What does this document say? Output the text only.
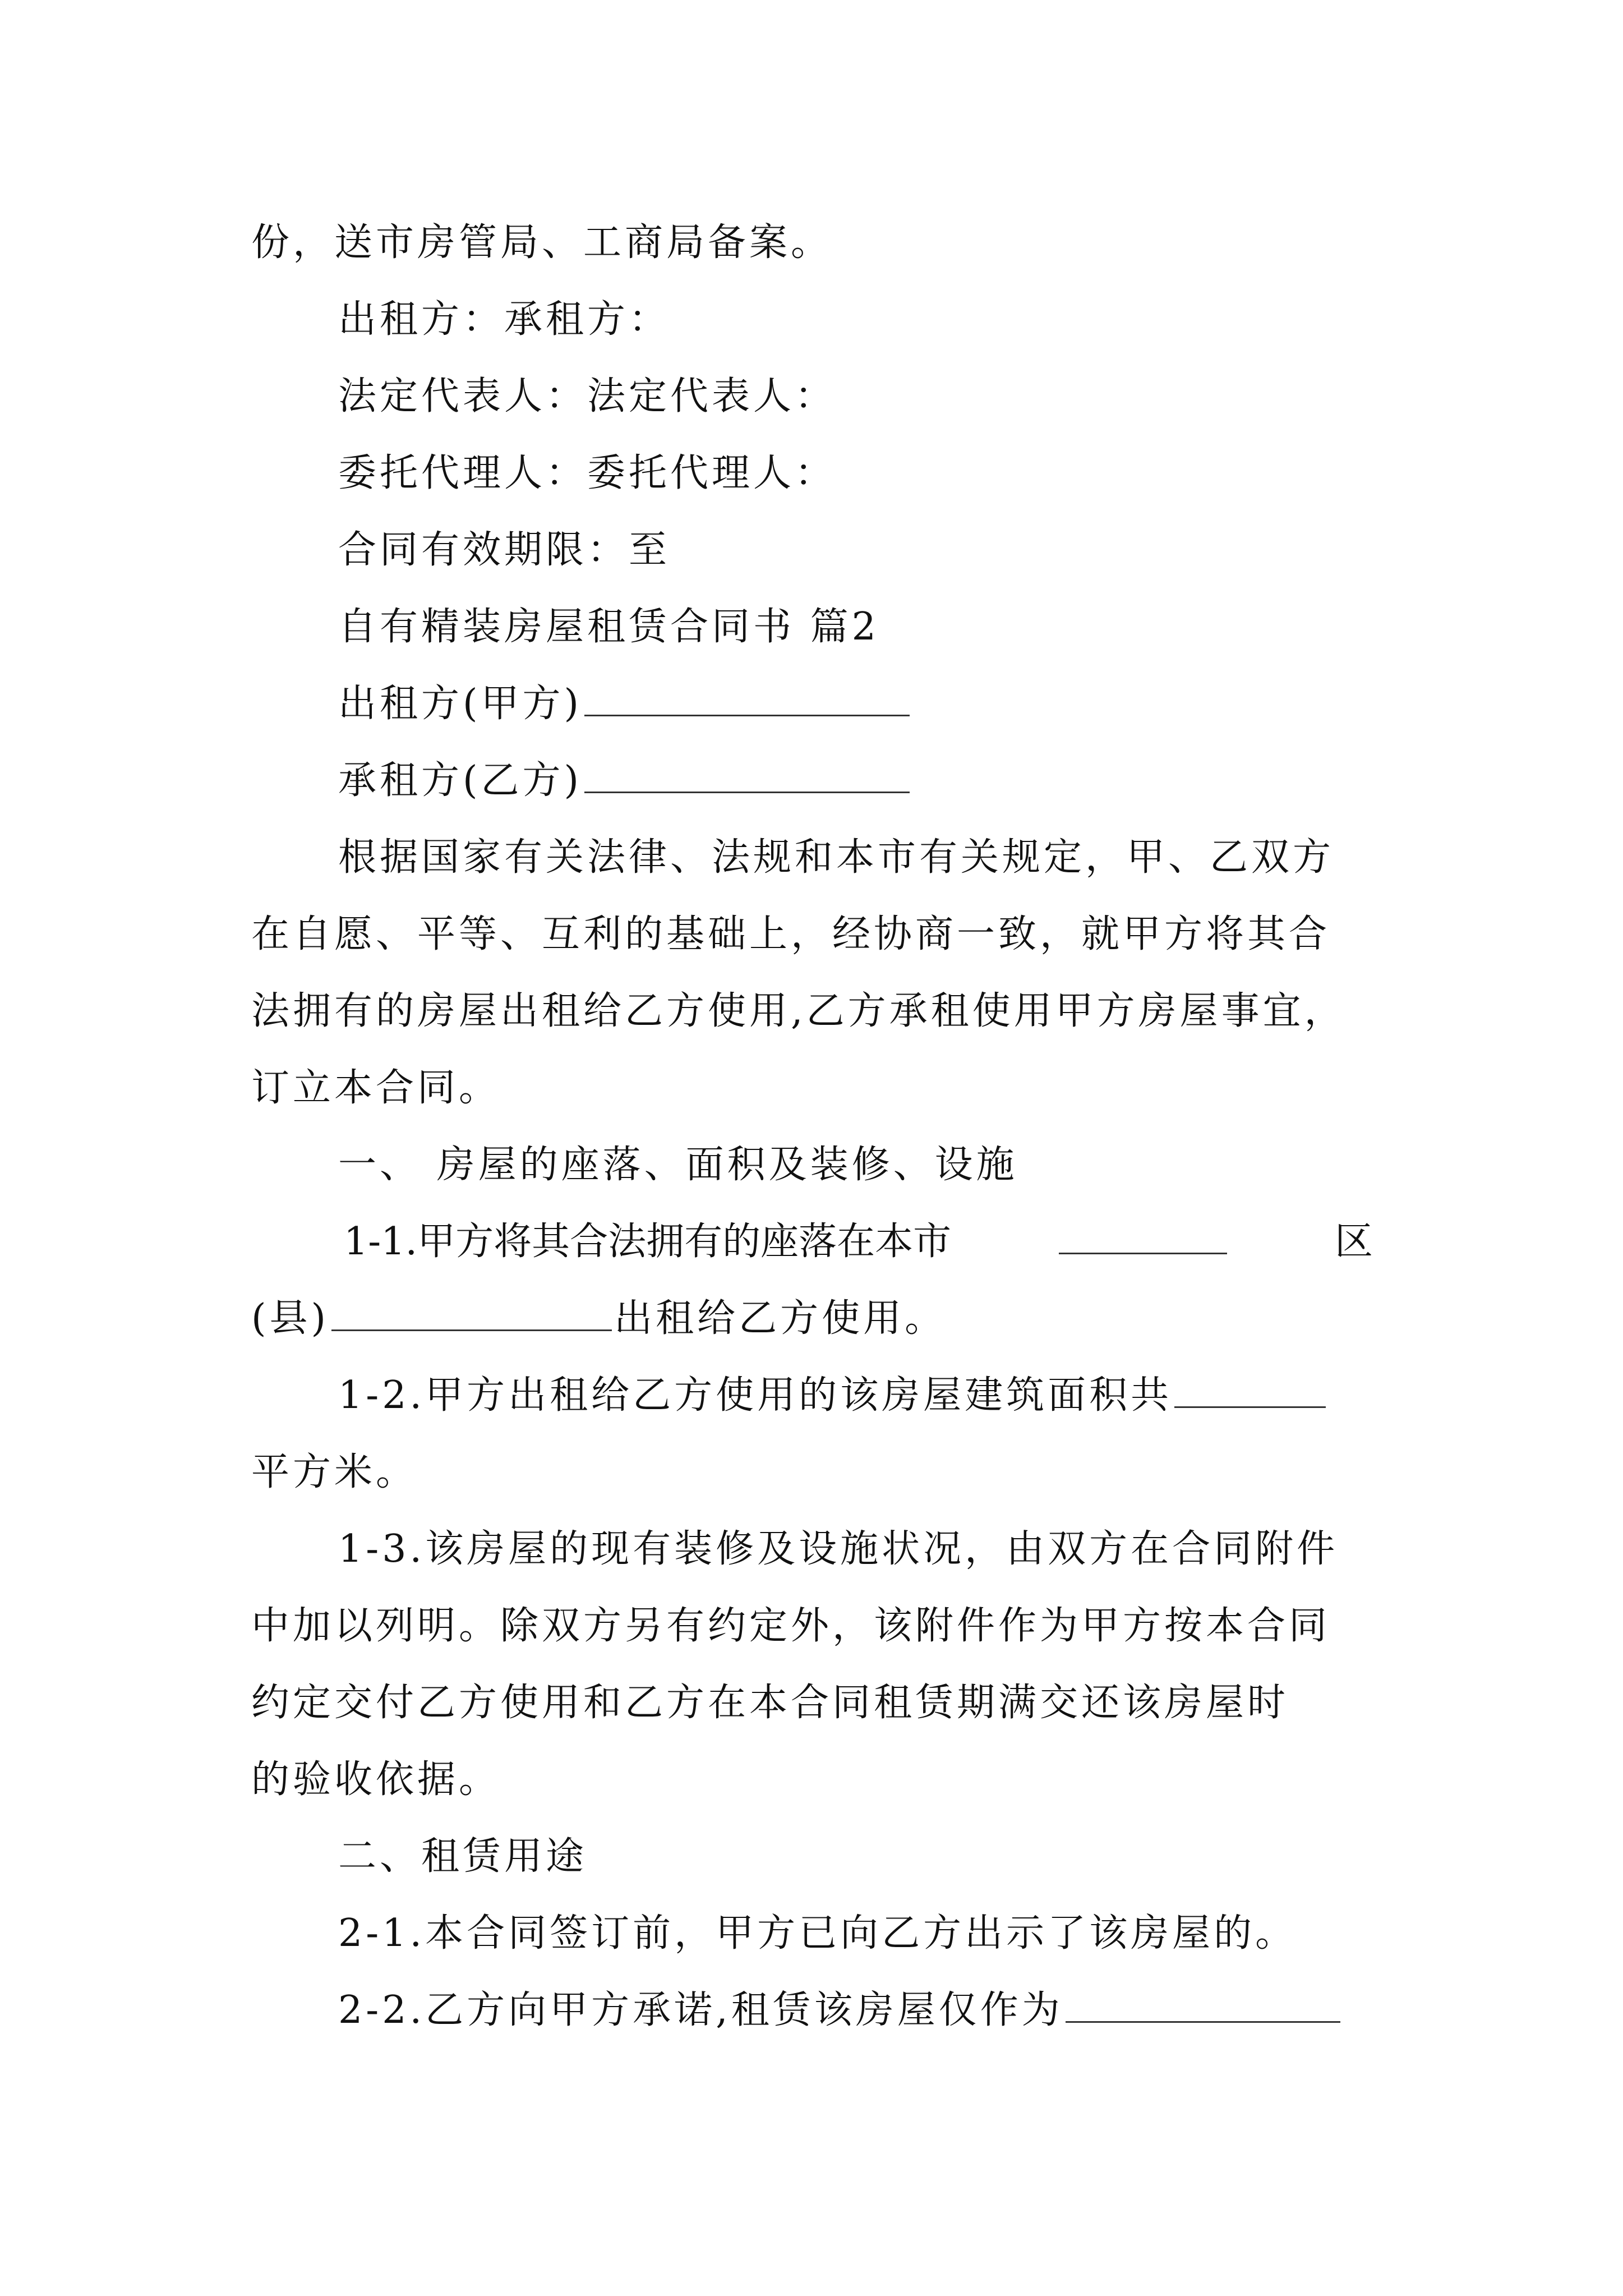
份，送市房管局、工商局备案。
出租方：承租方：
法定代表人：法定代表人：
委托代理人：委托代理人：
合同有效期限：至
自有精装房屋租赁合同书 篇2
出租方(甲方)
承租方(乙方)
根据国家有关法律、法规和本市有关规定，甲、乙双方
在自愿、平等、互利的基础上，经协商一致，就甲方将其合
法拥有的房屋出租给乙方使用,乙方承租使用甲方房屋事宜，
订立本合同。
一、 房屋的座落、面积及装修、设施
1-1.甲方将其合法拥有的座落在本市	区
(县)	出租给乙方使用。
1-2.甲方出租给乙方使用的该房屋建筑面积共
平方米。
1-3.该房屋的现有装修及设施状况，由双方在合同附件
中加以列明。除双方另有约定外，该附件作为甲方按本合同
约定交付乙方使用和乙方在本合同租赁期满交还该房屋时
的验收依据。
二、租赁用途
2-1.本合同签订前，甲方已向乙方出示了该房屋的。
2-2.乙方向甲方承诺,租赁该房屋仅作为
